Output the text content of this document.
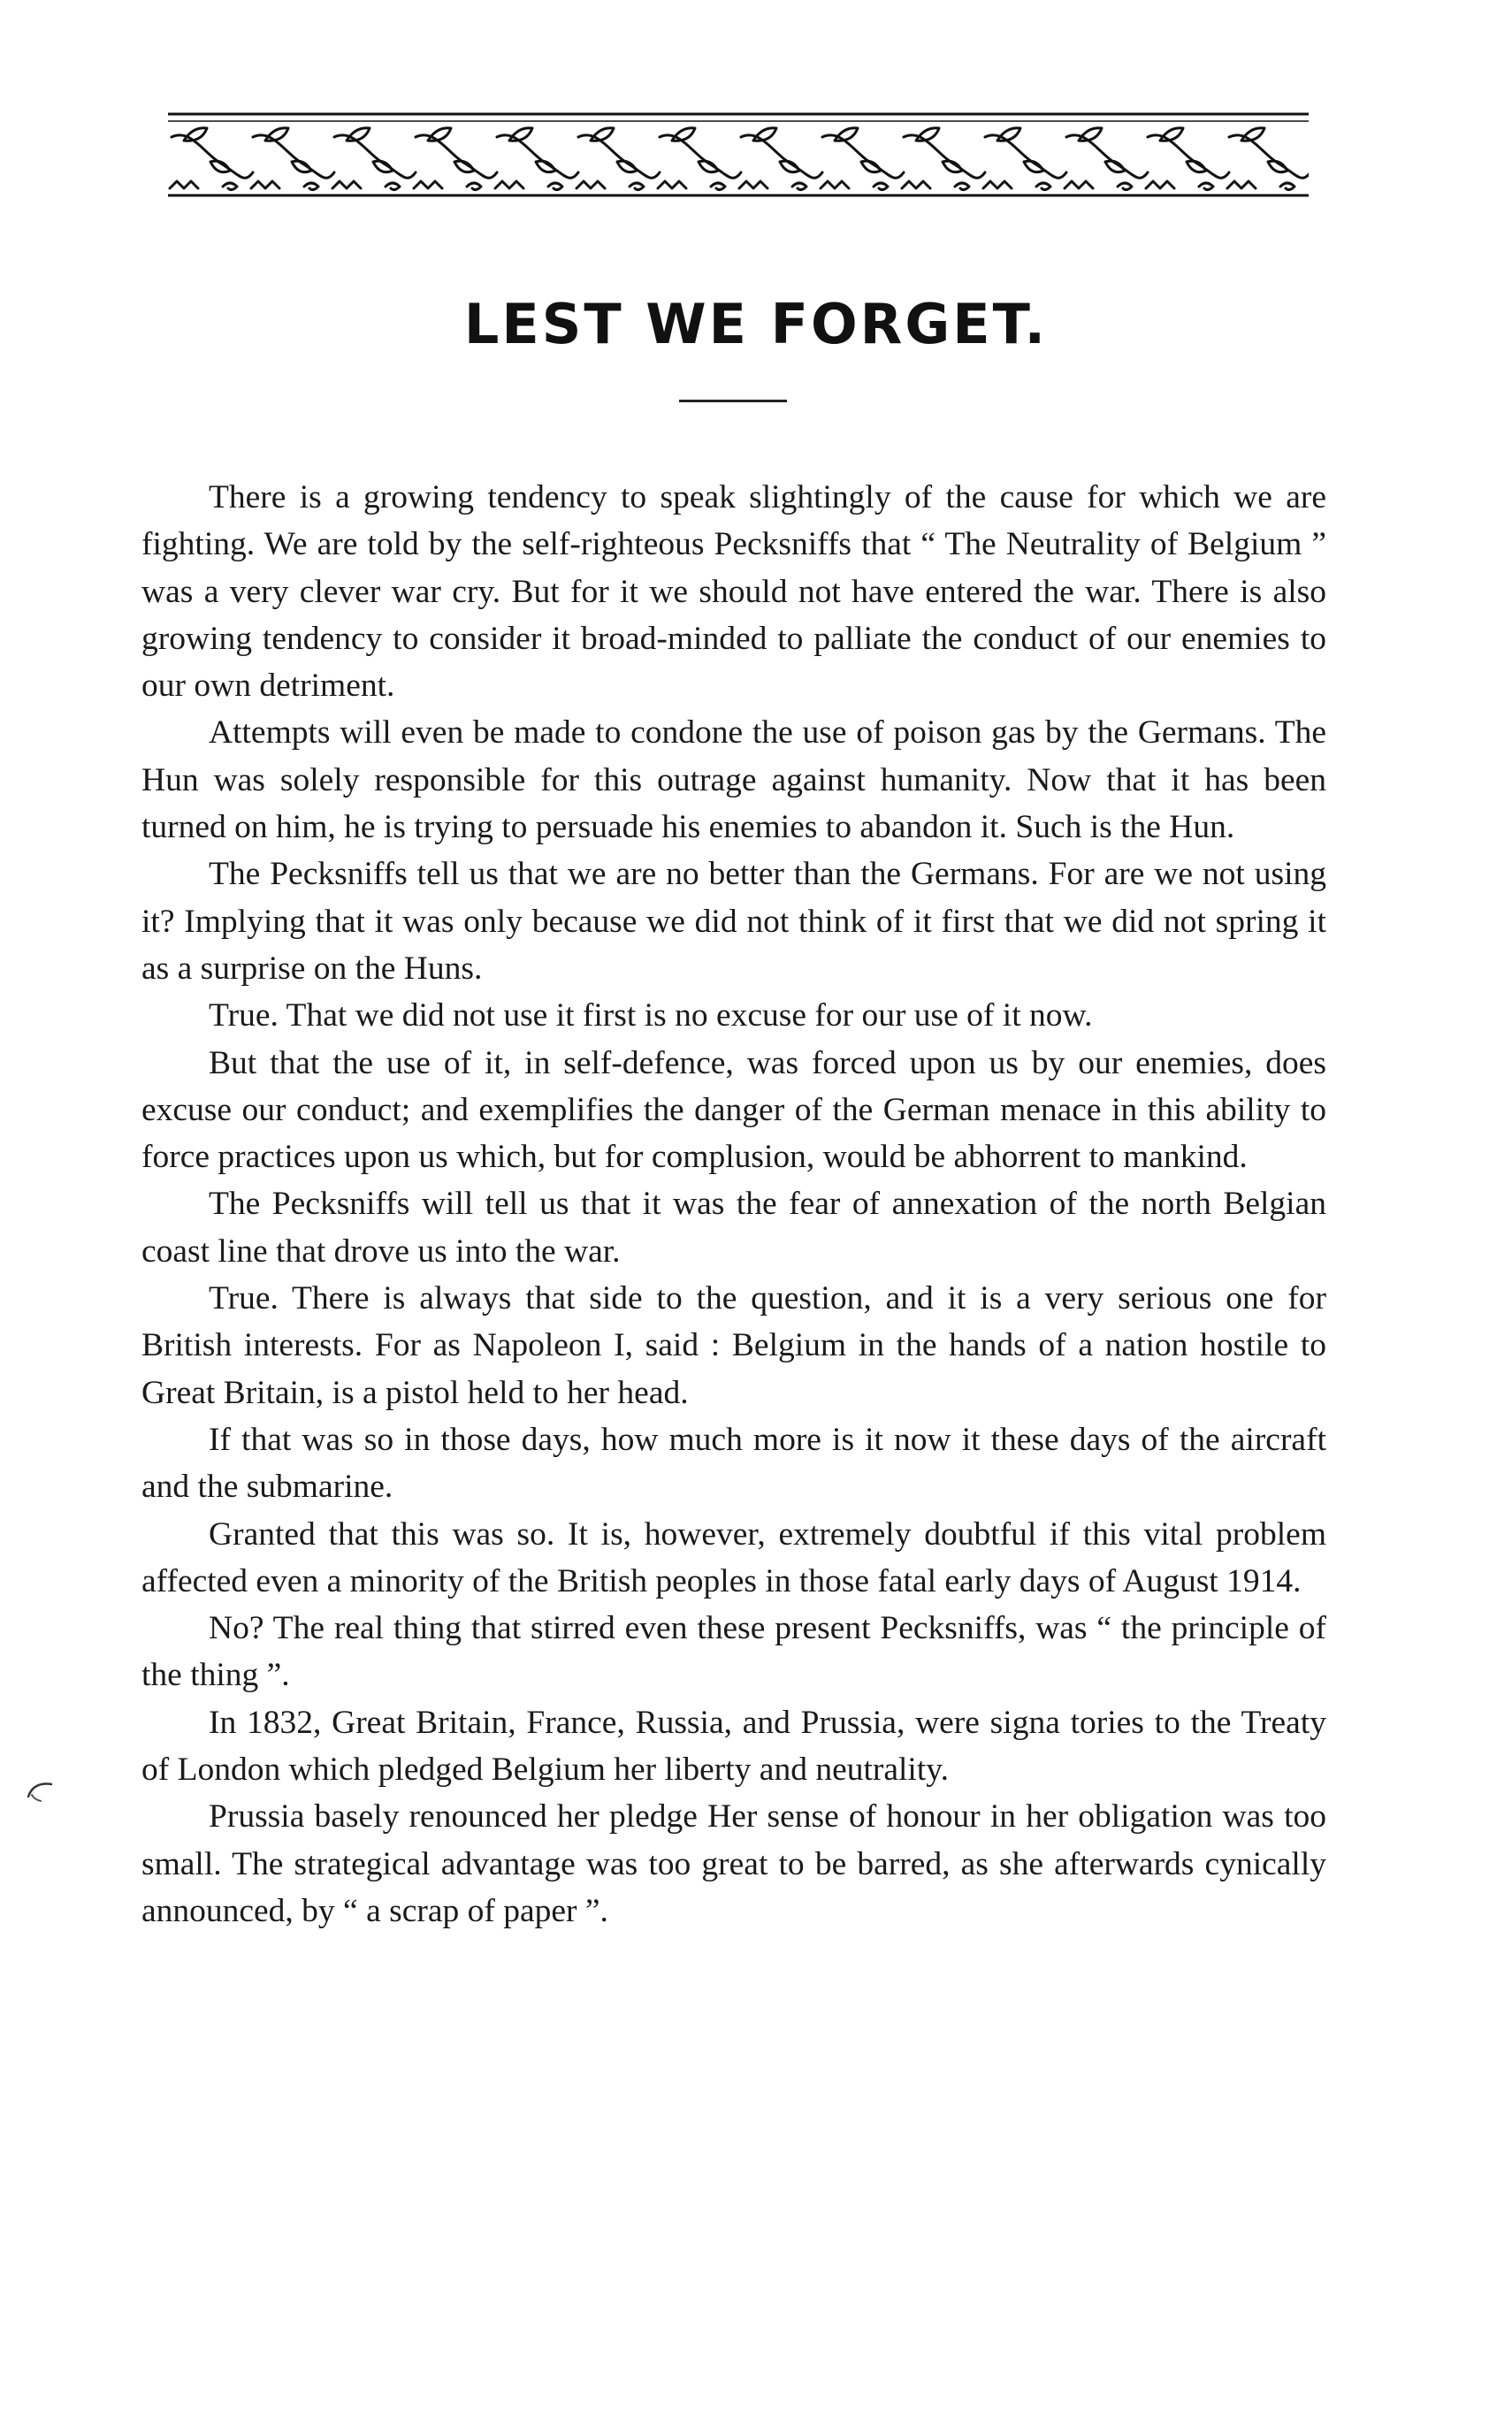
LEST WE FORGET.

There is a growing tendency to speak slightingly of the cause for which we are fighting. We are told by the self-righteous Pecksniffs that “ The Neutrality of Belgium ” was a very clever war cry. But for it we should not have entered the war. There is also growing tendency to consider it broad-minded to palliate the conduct of our enemies to our own detriment.

Attempts will even be made to condone the use of poison gas by the Germans. The Hun was solely responsible for this outrage against humanity. Now that it has been turned on him, he is trying to persuade his enemies to abandon it. Such is the Hun.

The Pecksniffs tell us that we are no better than the Germans. For are we not using it? Implying that it was only because we did not think of it first that we did not spring it as a surprise on the Huns.

True. That we did not use it first is no excuse for our use of it now.

But that the use of it, in self-defence, was forced upon us by our enemies, does excuse our conduct; and exemplifies the danger of the German menace in this ability to force practices upon us which, but for complusion, would be abhorrent to mankind.

The Pecksniffs will tell us that it was the fear of annexation of the north Belgian coast line that drove us into the war.

True. There is always that side to the question, and it is a very serious one for British interests. For as Napoleon I, said : Belgium in the hands of a nation hostile to Great Britain, is a pistol held to her head.

If that was so in those days, how much more is it now it these days of the aircraft and the submarine.

Granted that this was so. It is, however, extremely doubtful if this vital problem affected even a minority of the British peoples in those fatal early days of August 1914.

No? The real thing that stirred even these present Pecksniffs, was “ the principle of the thing ”.

In 1832, Great Britain, France, Russia, and Prussia, were signa tories to the Treaty of London which pledged Belgium her liberty and neutrality.

Prussia basely renounced her pledge Her sense of honour in her obligation was too small. The strategical advantage was too great to be barred, as she afterwards cynically announced, by “ a scrap of paper ”.
